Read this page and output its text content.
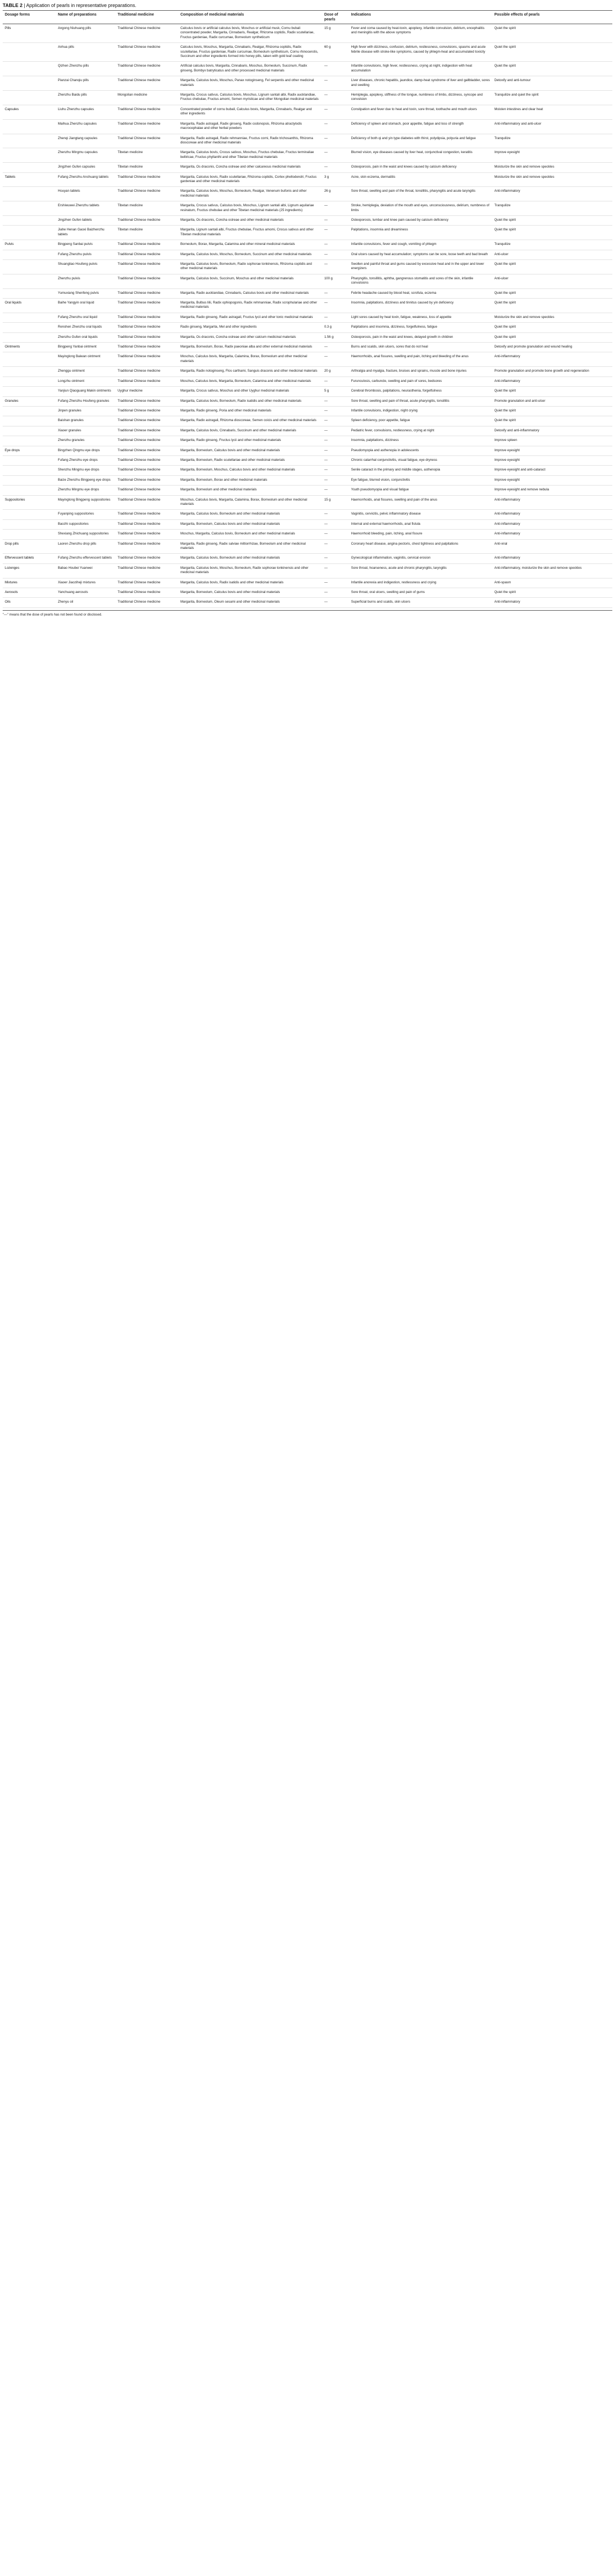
TABLE 2 | Application of pearls in representative preparations.

Dosage forms	Name of preparations	Traditional medicine	Composition of medicinal materials	Dose of pearls	Indications	Possible effects of pearls
Pills	Angong Niuhuang pills	Traditional Chinese medicine	Calculus bovis or artificial calculus bovis, Moschus or artificial musk, Cornu bubali concentrated powder, Margarita, Cinnabaris, Realgar, Rhizoma coptidis, Radix scutellariae, Fructus gardeniae, Radix curcumae, Borneolum syntheticum	15 g	Fever and coma caused by heat-toxin, apoplexy, infantile convulsion, delirium, encephalitis and meningitis with the above symptoms	Quiet the spirit
	Anhua pills	Traditional Chinese medicine	Calculus bovis, Moschus, Margarita, Cinnabaris, Realgar, Rhizoma coptidis, Radix scutellariae, Fructus gardeniae, Radix curcumae, Borneolum syntheticum, Cornu rhinocerotis, Succinum and other ingredients formed into honey pills, taken with gold leaf coating	60 g	High fever with dizziness, confusion, delirium, restlessness, convulsions, spasms and acute febrile disease with stroke-like symptoms, caused by phlegm-heat and accumulated toxicity	Quiet the spirit
	Qizhen Zhenzhu pills	Traditional Chinese medicine	Artificial calculus bovis, Margarita, Cinnabaris, Moschus, Borneolum, Succinum, Radix ginseng, Bombyx batryticatus and other processed medicinal materials	—	Infantile convulsions, high fever, restlessness, crying at night, indigestion with heat accumulation	Quiet the spirit
	Pianzai Chanqiu pills	Traditional Chinese medicine	Margarita, Calculus bovis, Moschus, Panax notoginseng, Fel serpentis and other medicinal materials	—	Liver diseases, chronic hepatitis, jaundice, damp-heat syndrome of liver and gallbladder, sores and swelling	Detoxify and anti-tumour
	Zhenzhu Baidu pills	Mongolian medicine	Margarita, Crocus sativus, Calculus bovis, Moschus, Lignum santali albi, Radix aucklandiae, Fructus chebulae, Fructus amomi, Semen myristicae and other Mongolian medicinal materials	—	Hemiplegia, apoplexy, stiffness of the tongue, numbness of limbs, dizziness, syncope and convulsion	Tranquilize and quiet the spirit
Capsules	Liuhu Zhenzhu capsules	Traditional Chinese medicine	Concentrated powder of cornu bubali, Calculus bovis, Margarita, Cinnabaris, Realgar and other ingredients	—	Constipation and fever due to heat and toxin, sore throat, toothache and mouth ulcers	Moisten intestines and clear heat
	Maihua Zhenzhu capsules	Traditional Chinese medicine	Margarita, Radix astragali, Radix ginseng, Radix codonopsis, Rhizoma atractylodis macrocephalae and other herbal powders	—	Deficiency of spleen and stomach, poor appetite, fatigue and loss of strength	Anti-inflammatory and anti-ulcer
	Zhenqi Jiangtang capsules	Traditional Chinese medicine	Margarita, Radix astragali, Radix rehmanniae, Fructus corni, Radix trichosanthis, Rhizoma dioscoreae and other medicinal materials	—	Deficiency of both qi and yin type diabetes with thirst, polydipsia, polyuria and fatigue	Tranquilize
	Zhenzhu Mingmu capsules	Tibetan medicine	Margarita, Calculus bovis, Crocus sativus, Moschus, Fructus chebulae, Fructus terminaliae belliricae, Fructus phyllanthi and other Tibetan medicinal materials	—	Blurred vision, eye diseases caused by liver heat, conjunctival congestion, keratitis	Improve eyesight
	Jingzhen Gufen capsules	Tibetan medicine	Margarita, Os draconis, Concha ostreae and other calcareous medicinal materials	—	Osteoporosis, pain in the waist and knees caused by calcium deficiency	Moisturize the skin and remove speckles
Tablets	Fufang Zhenzhu Anchuang tablets	Traditional Chinese medicine	Margarita, Calculus bovis, Radix scutellariae, Rhizoma coptidis, Cortex phellodendri, Fructus gardeniae and other medicinal materials	3 g	Acne, skin eczema, dermatitis	Moisturize the skin and remove speckles
	Houyan tablets	Traditional Chinese medicine	Margarita, Calculus bovis, Moschus, Borneolum, Realgar, Venenum bufonis and other medicinal materials	26 g	Sore throat, swelling and pain of the throat, tonsillitis, pharyngitis and acute laryngitis	Anti-inflammatory
	Ershiwuwei Zhenzhu tablets	Tibetan medicine	Margarita, Crocus sativus, Calculus bovis, Moschus, Lignum santali albi, Lignum aquilariae resinatum, Fructus chebulae and other Tibetan medicinal materials (25 ingredients)	—	Stroke, hemiplegia, deviation of the mouth and eyes, unconsciousness, delirium, numbness of limbs	Tranquilize
	Jingzhen Gufen tablets	Traditional Chinese medicine	Margarita, Os draconis, Concha ostreae and other medicinal materials	—	Osteoporosis, lumbar and knee pain caused by calcium deficiency	Quiet the spirit
	Jiahe Henan Gaoxi Baizhenzhu tablets	Tibetan medicine	Margarita, Lignum santali albi, Fructus chebulae, Fructus amomi, Crocus sativus and other Tibetan medicinal materials	—	Palpitations, insomnia and dreaminess	Quiet the spirit
Pulvis	Bingpeng Sanbai pulvis	Traditional Chinese medicine	Borneolum, Borax, Margarita, Calamina and other mineral medicinal materials	—	Infantile convulsions, fever and cough, vomiting of phlegm	Tranquilize
	Fufang Zhenzhu pulvis	Traditional Chinese medicine	Margarita, Calculus bovis, Moschus, Borneolum, Succinum and other medicinal materials	—	Oral ulcers caused by heat accumulation; symptoms can be sore, loose teeth and bad breath	Anti-ulcer
	Shuangliao Houfeng pulvis	Traditional Chinese medicine	Margarita, Calculus bovis, Borneolum, Radix sophorae tonkinensis, Rhizoma coptidis and other medicinal materials	—	Swollen and painful throat and gums caused by excessive heat and in the upper and lower energizers	Quiet the spirit
	Zhenzhu pulvis	Traditional Chinese medicine	Margarita, Calculus bovis, Succinum, Moschus and other medicinal materials	100 g	Pharyngitis, tonsillitis, aphtha, gangrenous stomatitis and sores of the skin, infantile convulsions	Anti-ulcer
	Yumuxiang Shenfeng pulvis	Traditional Chinese medicine	Margarita, Radix aucklandiae, Cinnabaris, Calculus bovis and other medicinal materials	—	Febrile headache caused by blood heat, scrofula, eczema	Quiet the spirit
Oral liquids	Baihe Yangyin oral liquid	Traditional Chinese medicine	Margarita, Bulbus lilii, Radix ophiopogonis, Radix rehmanniae, Radix scrophulariae and other medicinal materials	—	Insomnia, palpitations, dizziness and tinnitus caused by yin deficiency	Quiet the spirit
	Fufang Zhenzhu oral liquid	Traditional Chinese medicine	Margarita, Radix ginseng, Radix astragali, Fructus lycii and other tonic medicinal materials	—	Light sores caused by heat toxin, fatigue, weakness, loss of appetite	Moisturize the skin and remove speckles
	Renshen Zhenzhu oral liquids	Traditional Chinese medicine	Radix ginseng, Margarita, Mel and other ingredients	0.3 g	Palpitations and insomnia, dizziness, forgetfulness, fatigue	Quiet the spirit
	Zhenzhu Gufen oral liquids	Traditional Chinese medicine	Margarita, Os draconis, Concha ostreae and other calcium medicinal materials	1.56 g	Osteoporosis, pain in the waist and knees, delayed growth in children	Quiet the spirit
Ointments	Bingpeng Yanbai ointment	Traditional Chinese medicine	Margarita, Borneolum, Borax, Radix paeoniae alba and other external medicinal materials	—	Burns and scalds, skin ulcers, sores that do not heal	Detoxify and promote granulation and wound healing
	Mayinglong Baiwan ointment	Traditional Chinese medicine	Moschus, Calculus bovis, Margarita, Calamina, Borax, Borneolum and other medicinal materials	—	Haemorrhoids, anal fissures, swelling and pain, itching and bleeding of the anus	Anti-inflammatory
	Zhenggu ointment	Traditional Chinese medicine	Margarita, Radix notoginseng, Flos carthami, Sanguis draconis and other medicinal materials	20 g	Arthralgia and myalgia, fracture, bruises and sprains, muscle and bone injuries	Promote granulation and promote bone growth and regeneration
	Longzhu ointment	Traditional Chinese medicine	Moschus, Calculus bovis, Margarita, Borneolum, Calamina and other medicinal materials	—	Furunculosis, carbuncle, swelling and pain of sores, bedsores	Anti-inflammatory
	Yanjiun Qiaoguang Makin ointments	Uyghur medicine	Margarita, Crocus sativus, Moschus and other Uyghur medicinal materials	5 g	Cerebral thrombosis, palpitations, neurasthenia, forgetfulness	Quiet the spirit
Granules	Fufang Zhenzhu Houfeng granules	Traditional Chinese medicine	Margarita, Calculus bovis, Borneolum, Radix isatidis and other medicinal materials	—	Sore throat, swelling and pain of throat, acute pharyngitis, tonsillitis	Promote granulation and anti-ulcer
	Jinpen granules	Traditional Chinese medicine	Margarita, Radix ginseng, Poria and other medicinal materials	—	Infantile convulsions, indigestion, night crying	Quiet the spirit
	Baishan granules	Traditional Chinese medicine	Margarita, Radix astragali, Rhizoma dioscoreae, Semen coicis and other medicinal materials	—	Spleen deficiency, poor appetite, fatigue	Quiet the spirit
	Xiaoer granules	Traditional Chinese medicine	Margarita, Calculus bovis, Cinnabaris, Succinum and other medicinal materials	—	Pediatric fever, convulsions, restlessness, crying at night	Detoxify and anti-inflammatory
	Zhenzhu granules	Traditional Chinese medicine	Margarita, Radix ginseng, Fructus lycii and other medicinal materials	—	Insomnia, palpitations, dizziness	Improve spleen
Eye drops	Bingzhen Qingmu eye drops	Traditional Chinese medicine	Margarita, Borneolum, Calculus bovis and other medicinal materials	—	Pseudomyopia and asthenopia in adolescents	Improve eyesight
	Fufang Zhenzhu eye drops	Traditional Chinese medicine	Margarita, Borneolum, Radix scutellariae and other medicinal materials	—	Chronic catarrhal conjunctivitis, visual fatigue, eye dryness	Improve eyesight
	Shenzhu Mingmu eye drops	Traditional Chinese medicine	Margarita, Borneolum, Moschus, Calculus bovis and other medicinal materials	—	Senile cataract in the primary and middle stages, asthenopia	Improve eyesight and anti-cataract
	Baize Zhenzhu Bingpeng eye drops	Traditional Chinese medicine	Margarita, Borneolum, Borax and other medicinal materials	—	Eye fatigue, blurred vision, conjunctivitis	Improve eyesight
	Zhenzhu Mingmu eye drops	Traditional Chinese medicine	Margarita, Borneolum and other medicinal materials	—	Youth pseudomyopia and visual fatigue	Improve eyesight and remove nebula
Suppositories	Mayinglong Bingpeng suppositories	Traditional Chinese medicine	Moschus, Calculus bovis, Margarita, Calamina, Borax, Borneolum and other medicinal materials	15 g	Haemorrhoids, anal fissures, swelling and pain of the anus	Anti-inflammatory
	Fuyanping suppositories	Traditional Chinese medicine	Margarita, Calculus bovis, Borneolum and other medicinal materials	—	Vaginitis, cervicitis, pelvic inflammatory disease	Anti-inflammatory
	Baozhi suppositories	Traditional Chinese medicine	Margarita, Borneolum, Calculus bovis and other medicinal materials	—	Internal and external haemorrhoids, anal fistula	Anti-inflammatory
	Shexiang Zhichuang suppositories	Traditional Chinese medicine	Moschus, Margarita, Calculus bovis, Borneolum and other medicinal materials	—	Haemorrhoid bleeding, pain, itching, anal fissure	Anti-inflammatory
Drop pills	Laoren Zhenzhu drop pills	Traditional Chinese medicine	Margarita, Radix ginseng, Radix salviae miltiorrhizae, Borneolum and other medicinal materials	—	Coronary heart disease, angina pectoris, chest tightness and palpitations	Anti-viral
Effervescent tablets	Fufang Zhenzhu effervescent tablets	Traditional Chinese medicine	Margarita, Calculus bovis, Borneolum and other medicinal materials	—	Gynecological inflammation, vaginitis, cervical erosion	Anti-inflammatory
Lozenges	Babao Houbei Yuanwei	Traditional Chinese medicine	Margarita, Calculus bovis, Moschus, Borneolum, Radix sophorae tonkinensis and other medicinal materials	—	Sore throat, hoarseness, acute and chronic pharyngitis, laryngitis	Anti-inflammatory, moisturize the skin and remove speckles
Mixtures	Xiaoer Jiaoziheji mixtures	Traditional Chinese medicine	Margarita, Calculus bovis, Radix isatidis and other medicinal materials	—	Infantile anorexia and indigestion, restlessness and crying	Anti-spasm
Aerosols	Yanchuang aerosols	Traditional Chinese medicine	Margarita, Borneolum, Calculus bovis and other medicinal materials	—	Sore throat, oral ulcers, swelling and pain of gums	Quiet the spirit
Oils	Zhenyu oil	Traditional Chinese medicine	Margarita, Borneolum, Oleum sesami and other medicinal materials	—	Superficial burns and scalds, skin ulcers	Anti-inflammatory
"—" means that the dose of pearls has not been found or disclosed.
